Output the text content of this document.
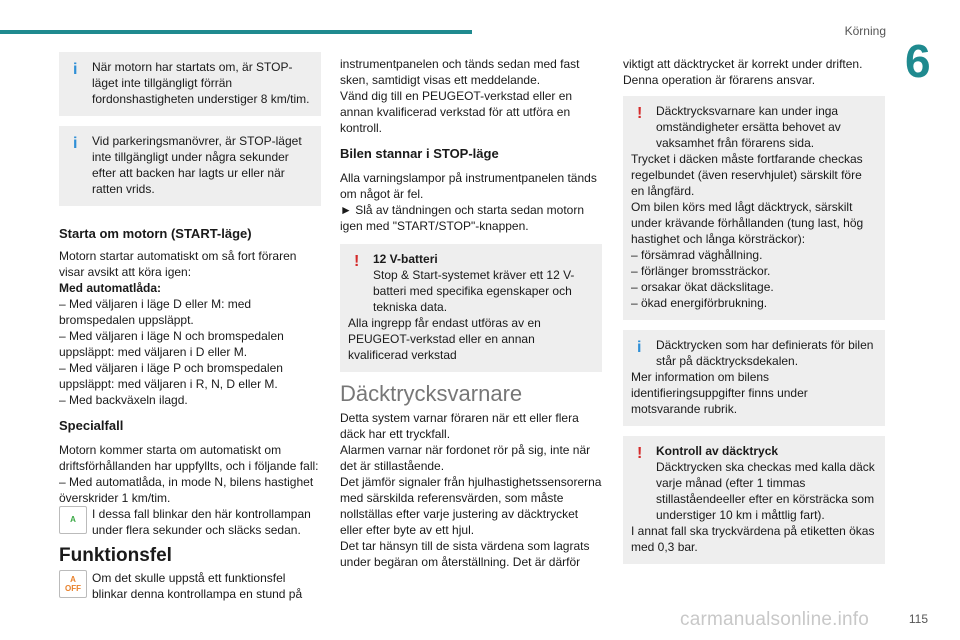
Körning
6
i	När motorn har startats om, är STOP-läget inte tillgängligt förrän fordonshastigheten understiger 8 km/tim.

i	Vid parkeringsmanövrer, är STOP-läget inte tillgängligt under några sekunder efter att backen har lagts ur eller när ratten vrids.

Starta om motorn (START-läge)

Motorn startar automatiskt om så fort föraren visar avsikt att köra igen:

Med automatlåda:

– Med väljaren i läge D eller M: med bromspedalen uppsläppt.

– Med väljaren i läge N och bromspedalen uppsläppt: med väljaren i D eller M.

– Med väljaren i läge P och bromspedalen uppsläppt: med väljaren i R, N, D eller M.

– Med backväxeln ilagd.

Specialfall

Motorn kommer starta om automatiskt om driftsförhållanden har uppfyllts, och i följande fall:

– Med automatlåda, in mode N, bilens hastighet överskrider 1 km/tim.

A I dessa fall blinkar den här kontrollampan under flera sekunder och släcks sedan.

Funktionsfel
A
OFF

Om det skulle uppstå ett funktionsfel blinkar denna kontrollampa en stund på

instrumentpanelen och tänds sedan med fast sken, samtidigt visas ett meddelande.

Vänd dig till en PEUGEOT-verkstad eller en annan kvalificerad verkstad för att utföra en kontroll.

Bilen stannar i STOP-läge

Alla varningslampor på instrumentpanelen tänds om något är fel.

► Slå av tändningen och starta sedan motorn igen med "START/STOP"-knappen.

!	12 V-batteri

Stop & Start-systemet kräver ett 12 V-batteri med specifika egenskaper och tekniska data.

Alla ingrepp får endast utföras av en PEUGEOT-verkstad eller en annan kvalificerad verkstad

Däcktrycksvarnare

Detta system varnar föraren när ett eller flera däck har ett tryckfall.

Alarmen varnar när fordonet rör på sig, inte när det är stillastående.

Det jämför signaler från hjulhastighetssensorerna med särskilda referensvärden, som måste nollställas efter varje justering av däcktrycket eller efter byte av ett hjul.

Det tar hänsyn till de sista värdena som lagrats under begäran om återställning. Det är därför

viktigt att däcktrycket är korrekt under driften. Denna operation är förarens ansvar.

!	Däcktrycksvarnare kan under inga omständigheter ersätta behovet av vaksamhet från förarens sida.

Trycket i däcken måste fortfarande checkas regelbundet (även reservhjulet) särskilt före en långfärd.

Om bilen körs med lågt däcktryck, särskilt under krävande förhållanden (tung last, hög hastighet och långa körsträckor):

– försämrad väghållning.

– förlänger bromssträckor.

– orsakar ökat däckslitage.

– ökad energiförbrukning.

i	Däcktrycken som har definierats för bilen står på däcktrycksdekalen.

Mer information om bilens identifieringsuppgifter finns under motsvarande rubrik.

!	Kontroll av däcktryck

Däcktrycken ska checkas med kalla däck varje månad (efter 1 timmas stillaståendeeller efter en körsträcka som understiger 10 km i måttlig fart).

I annat fall ska tryckvärdena på etiketten ökas med 0,3 bar.

carmanualsonline.info	115
